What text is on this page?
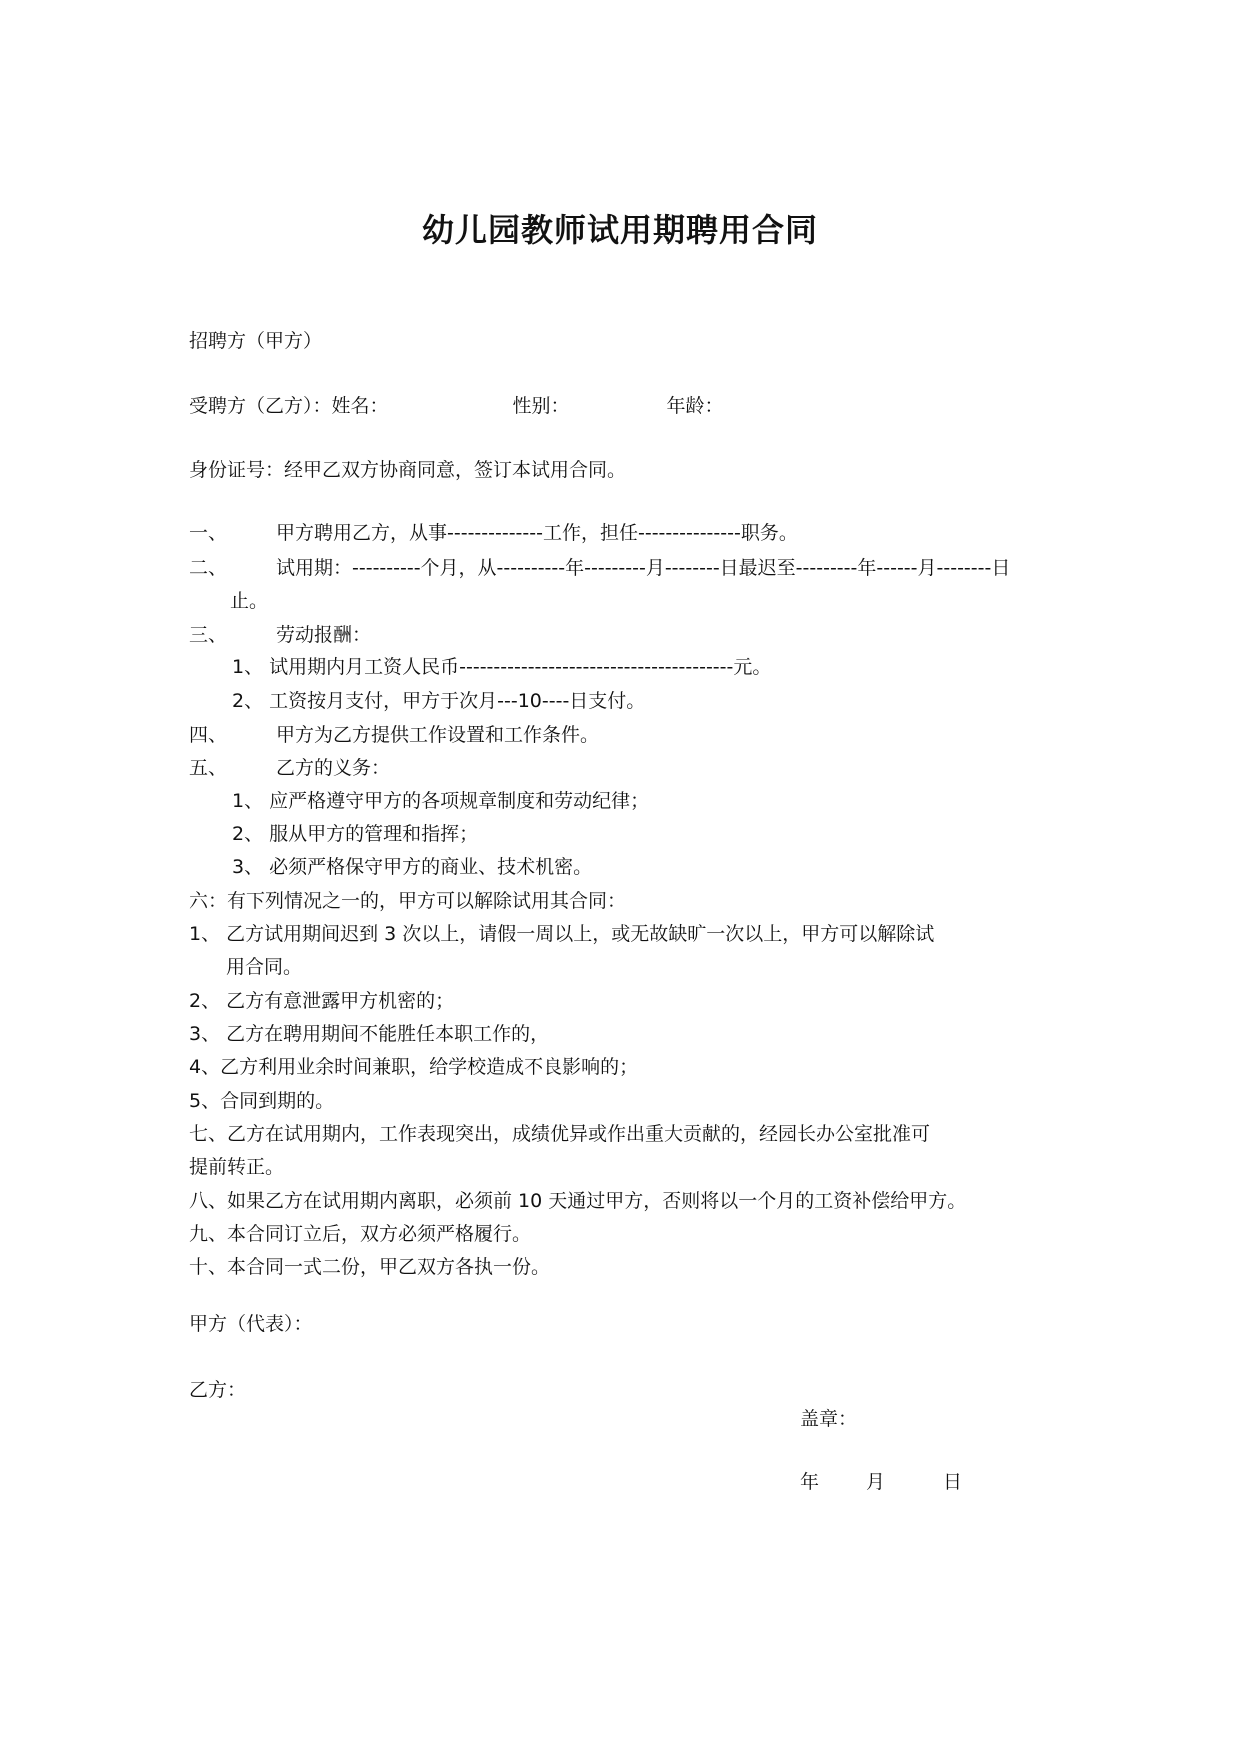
幼儿园教师试用期聘用合同
招聘方（甲方）
受聘方（乙方）：姓名：	性别：	年龄：
身份证号：经甲乙双方协商同意，签订本试用合同。
一、	甲方聘用乙方，从事--------------工作，担任---------------职务。
二、	试用期：----------个月，从----------年---------月--------日最迟至---------年------月--------日
止。
三、	劳动报酬：
1、 试用期内月工资人民币----------------------------------------元。
2、 工资按月支付，甲方于次月---10----日支付。
四、	甲方为乙方提供工作设置和工作条件。
五、	乙方的义务：
1、 应严格遵守甲方的各项规章制度和劳动纪律；
2、 服从甲方的管理和指挥；
3、 必须严格保守甲方的商业、技术机密。
六：有下列情况之一的，甲方可以解除试用其合同：
1、 乙方试用期间迟到 3 次以上，请假一周以上，或无故缺旷一次以上，甲方可以解除试
用合同。
2、 乙方有意泄露甲方机密的；
3、 乙方在聘用期间不能胜任本职工作的，
4、乙方利用业余时间兼职，给学校造成不良影响的；
5、合同到期的。
七、乙方在试用期内，工作表现突出，成绩优异或作出重大贡献的，经园长办公室批准可
提前转正。
八、如果乙方在试用期内离职，必须前 10 天通过甲方，否则将以一个月的工资补偿给甲方。
九、本合同订立后，双方必须严格履行。
十、本合同一式二份，甲乙双方各执一份。
甲方（代表）：
乙方：
盖章：
年 月	日
